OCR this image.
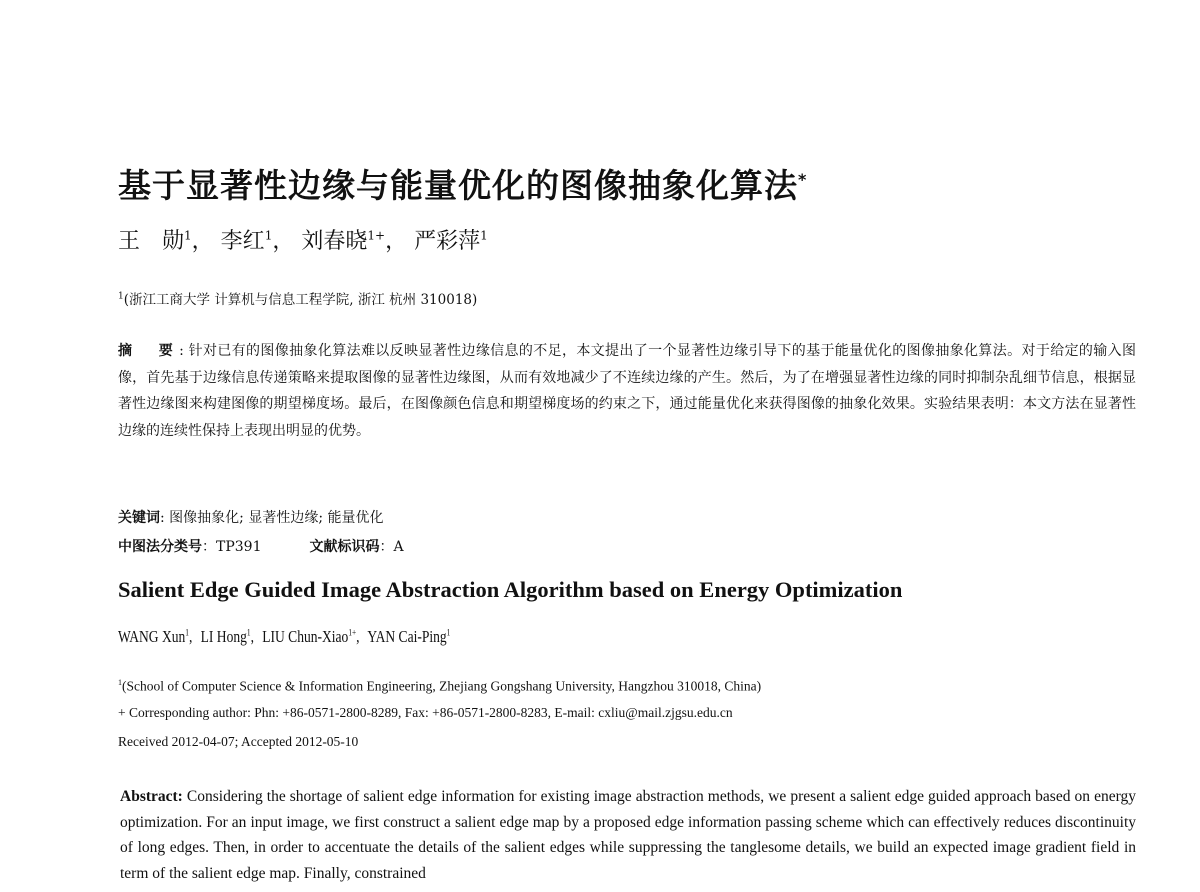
基于显著性边缘与能量优化的图像抽象化算法*
王　勋$^1$， 李红$^1$， 刘春晓$^{1+}$， 严彩萍$^1$
$^1$(浙江工商大学 计算机与信息工程学院, 浙江 杭州 310018)
摘　要: 针对已有的图像抽象化算法难以反映显著性边缘信息的不足，本文提出了一个显著性边缘引导下的基于能量优化的图像抽象化算法。对于给定的输入图像，首先基于边缘信息传递策略来提取图像的显著性边缘图，从而有效地减少了不连续边缘的产生。然后，为了在增强显著性边缘的同时抑制杂乱细节信息，根据显著性边缘图来构建图像的期望梯度场。最后，在图像颜色信息和期望梯度场的约束之下，通过能量优化来获得图像的抽象化效果。实验结果表明：本文方法在显著性边缘的连续性保持上表现出明显的优势。
关键词: 图像抽象化; 显著性边缘; 能量优化
中图法分类号：TP391	文献标识码：A
Salient Edge Guided Image Abstraction Algorithm based on Energy Optimization
WANG Xun$^1$, LI Hong$^1$, LIU Chun-Xiao$^{1+}$, YAN Cai-Ping$^1$
$^1$(School of Computer Science & Information Engineering, Zhejiang Gongshang University, Hangzhou 310018, China)
+ Corresponding author: Phn: +86-0571-2800-8289, Fax: +86-0571-2800-8283, E-mail: cxliu@mail.zjgsu.edu.cn
Received 2012-04-07; Accepted 2012-05-10
Abstract: Considering the shortage of salient edge information for existing image abstraction methods, we present a salient edge guided approach based on energy optimization. For an input image, we first construct a salient edge map by a proposed edge information passing scheme which can effectively reduces discontinuity of long edges. Then, in order to accentuate the details of the salient edges while suppressing the tanglesome details, we build an expected image gradient field in term of the salient edge map. Finally, constrained
